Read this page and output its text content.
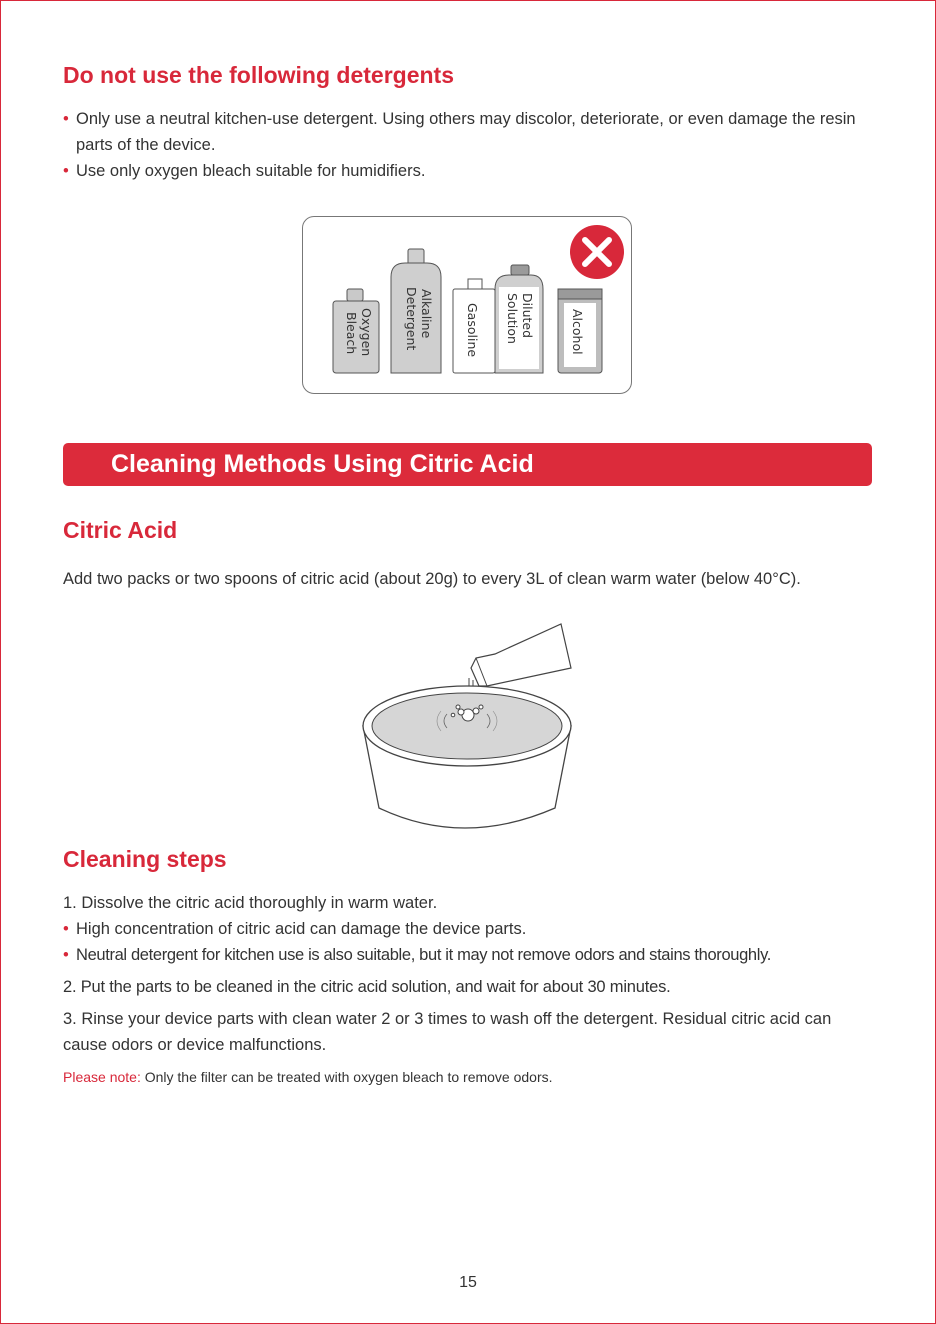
Do not use the following detergents
• Only use a neutral kitchen-use detergent. Using others may discolor, deteriorate, or even damage the resin parts of the device.
• Use only oxygen bleach suitable for humidifiers.
Oxygen
Bleach	Alkaline
Detergent	Gasoline	Diluted
Solution	Alcohol
Cleaning Methods Using Citric Acid
Citric Acid
Add two packs or two spoons of citric acid (about 20g) to every 3L of clean warm water (below 40°C).
Cleaning steps
1. Dissolve the citric acid thoroughly in warm water.
• High concentration of citric acid can damage the device parts.
• Neutral detergent for kitchen use is also suitable, but it may not remove odors and stains thoroughly.
2. Put the parts to be cleaned in the citric acid solution, and wait for about 30 minutes.
3. Rinse your device parts with clean water 2 or 3 times to wash off the detergent. Residual citric acid can cause odors or device malfunctions.
Please note: Only the filter can be treated with oxygen bleach to remove odors.
15
